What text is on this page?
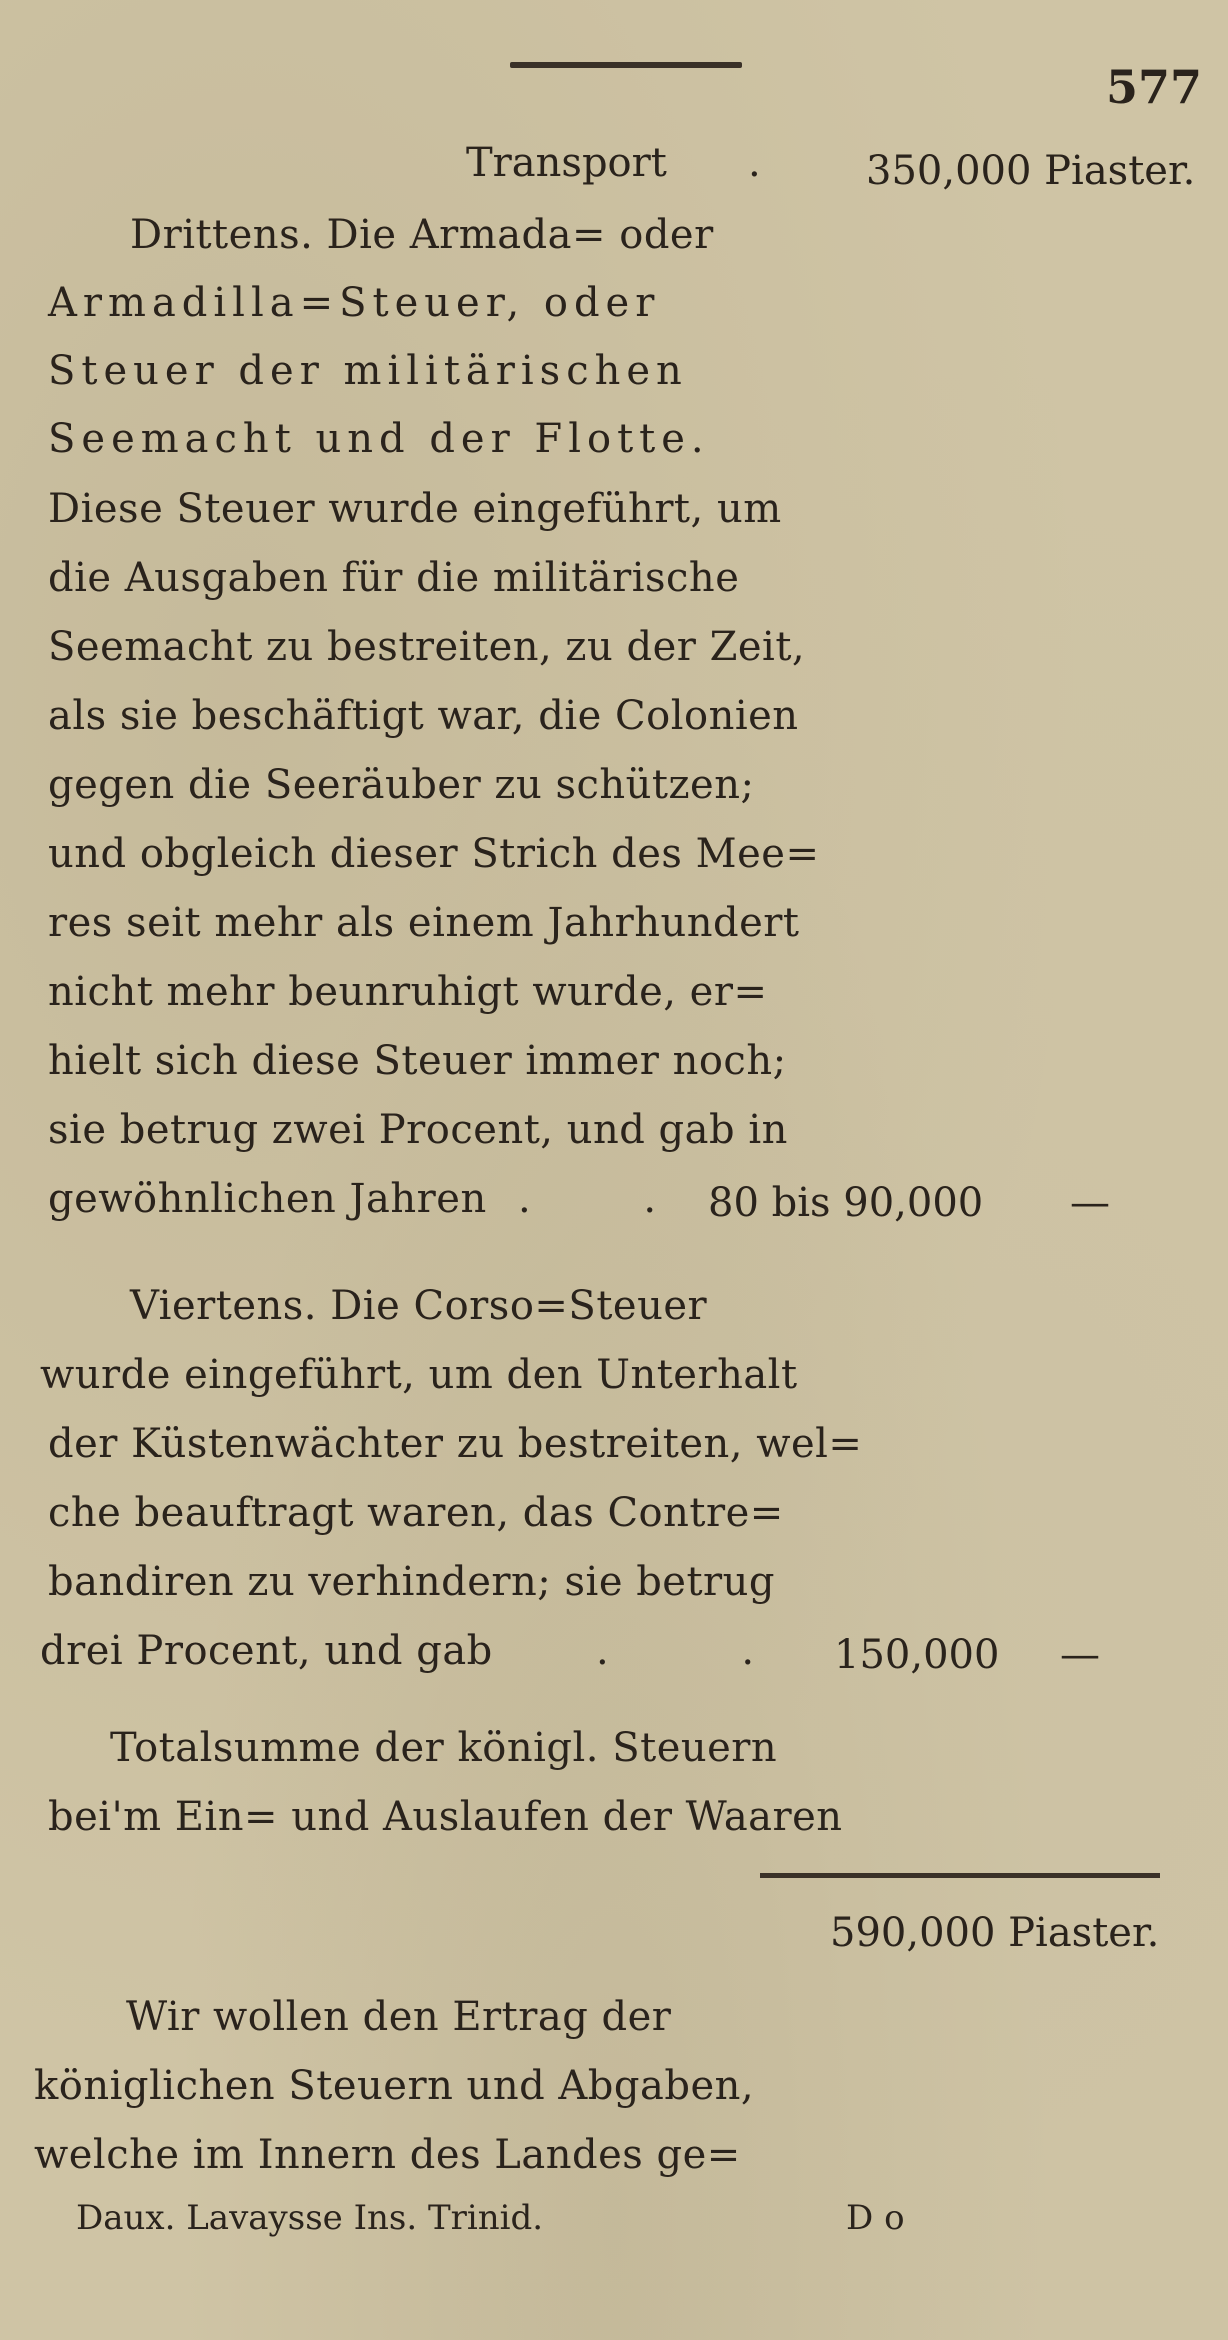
577
Transport .	350,000 Piaster.
Drittens. Die Armada= oder
Armadilla=Steuer, oder
Steuer der militärischen
Seemacht und der Flotte.
Diese Steuer wurde eingeführt, um
die Ausgaben für die militärische
Seemacht zu bestreiten, zu der Zeit,
als sie beschäftigt war, die Colonien
gegen die Seeräuber zu schützen;
und obgleich dieser Strich des Mee=
res seit mehr als einem Jahrhundert
nicht mehr beunruhigt wurde, er=
hielt sich diese Steuer immer noch;
sie betrug zwei Procent, und gab in
gewöhnlichen Jahren . . 80 bis 90,000 —
Viertens. Die Corso=Steuer
wurde eingeführt, um den Unterhalt
der Küstenwächter zu bestreiten, wel=
che beauftragt waren, das Contre=
bandiren zu verhindern; sie betrug
drei Procent, und gab	. . 150,000 —
Totalsumme der königl. Steuern
bei'm Ein= und Auslaufen der Waaren
590,000 Piaster.
Wir wollen den Ertrag der
königlichen Steuern und Abgaben,
welche im Innern des Landes ge=
Daux. Lavaysse Ins. Trinid.	D o
